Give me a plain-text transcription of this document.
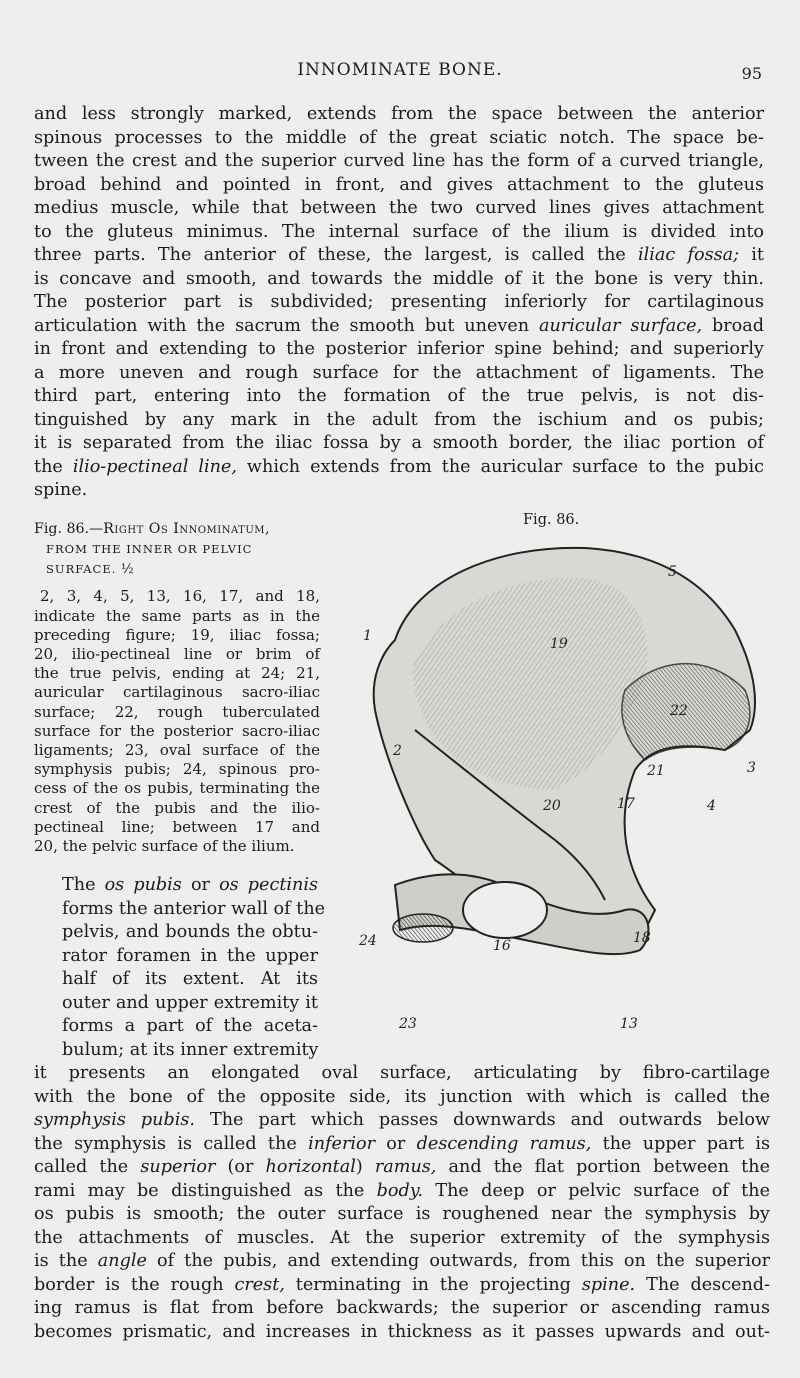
INNOMINATE BONE.	95

and less strongly marked, extends from the space between the anterior
spinous processes to the middle of the great sciatic notch. The space be-
tween the crest and the superior curved line has the form of a curved triangle,
broad behind and pointed in front, and gives attachment to the gluteus
medius muscle, while that between the two curved lines gives attachment
to the gluteus minimus. The internal surface of the ilium is divided into
three parts. The anterior of these, the largest, is called the iliac fossa; it
is concave and smooth, and towards the middle of it the bone is very thin.
The posterior part is subdivided; presenting inferiorly for cartilaginous
articulation with the sacrum the smooth but uneven auricular surface, broad
in front and extending to the posterior inferior spine behind; and superiorly
a more uneven and rough surface for the attachment of ligaments. The
third part, entering into the formation of the true pelvis, is not dis-
tinguished by any mark in the adult from the ischium and os pubis;
it is separated from the iliac fossa by a smooth border, the iliac portion of
the ilio-pectineal line, which extends from the auricular surface to the pubic
spine.

Fig. 86.—Right Os Innominatum,
FROM THE INNER OR PELVIC
SURFACE. ½
2, 3, 4, 5, 13, 16, 17, and 18,
indicate the same parts as in the
preceding figure; 19, iliac fossa;
20, ilio-pectineal line or brim of
the true pelvis, ending at 24; 21,
auricular cartilaginous sacro-iliac
surface; 22, rough tuberculated
surface for the posterior sacro-iliac
ligaments; 23, oval surface of the
symphysis pubis; 24, spinous pro-
cess of the os pubis, terminating the
crest of the pubis and the ilio-
pectineal line; between 17 and
20, the pelvic surface of the ilium.
Fig. 86.
5
1	19
22
2
21	3
20	17	4
24	16	18
23	13

The os pubis or os pectinis
forms the anterior wall of the
pelvis, and bounds the obtu-
rator foramen in the upper
half of its extent. At its
outer and upper extremity it
forms a part of the aceta-
bulum; at its inner extremity

it presents an elongated oval surface, articulating by fibro-cartilage
with the bone of the opposite side, its junction with which is called the
symphysis pubis. The part which passes downwards and outwards below
the symphysis is called the inferior or descending ramus, the upper part is
called the superior (or horizontal) ramus, and the flat portion between the
rami may be distinguished as the body. The deep or pelvic surface of the
os pubis is smooth; the outer surface is roughened near the symphysis by
the attachments of muscles. At the superior extremity of the symphysis
is the angle of the pubis, and extending outwards, from this on the superior
border is the rough crest, terminating in the projecting spine. The descend-
ing ramus is flat from before backwards; the superior or ascending ramus
becomes prismatic, and increases in thickness as it passes upwards and out-
